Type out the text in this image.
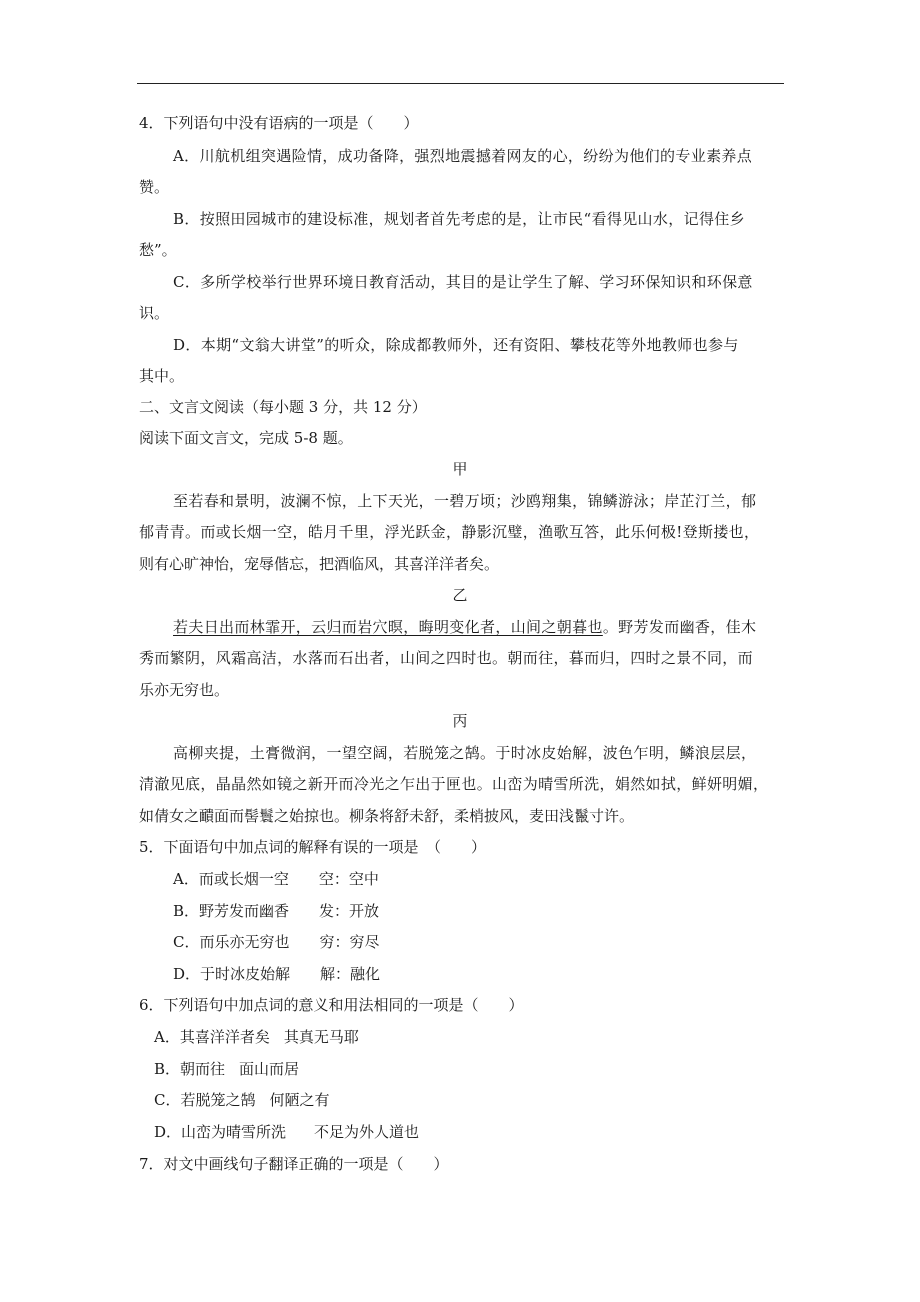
4．下列语句中没有语病的一项是（　　）
A．川航机组突遇险情，成功备降，强烈地震撼着网友的心，纷纷为他们的专业素养点
赞。
B．按照田园城市的建设标准，规划者首先考虑的是，让市民“看得见山水，记得住乡
愁”。
C．多所学校举行世界环境日教育活动，其目的是让学生了解、学习环保知识和环保意
识。
D．本期“文翁大讲堂”的听众，除成都教师外，还有资阳、攀枝花等外地教师也参与
其中。
二、文言文阅读（每小题 3 分，共 12 分）
阅读下面文言文，完成 5-8 题。
甲
至若春和景明，波澜不惊，上下天光，一碧万顷；沙鸥翔集，锦鳞游泳；岸芷汀兰，郁
郁青青。而或长烟一空，皓月千里，浮光跃金，静影沉璧，渔歌互答，此乐何极!登斯搂也，
则有心旷神怡，宠辱偕忘，把酒临风，其喜洋洋者矣。
乙
若夫日出而林霏开，云归而岩穴暝，晦明变化者，山间之朝暮也。野芳发而幽香，佳木
秀而繁阴，风霜高洁，水落而石出者，山间之四时也。朝而往，暮而归，四时之景不同，而
乐亦无穷也。
丙
高柳夹提，土膏微润，一望空阔，若脱笼之鹄。于时冰皮始解，波色乍明，鳞浪层层，
清澈见底，晶晶然如镜之新开而冷光之乍出于匣也。山峦为晴雪所洗，娟然如拭，鲜妍明媚，
如倩女之靧面而髻鬟之始掠也。柳条将舒未舒，柔梢披风，麦田浅鬣寸许。
5．下面语句中加点词的解释有误的一项是　（　　）
A．而或长烟一空 空：空中
B．野芳发而幽香 发：开放
C．而乐亦无穷也 穷：穷尽
D．于时冰皮始解 解：融化
6．下列语句中加点词的意义和用法相同的一项是（　　）
A．其喜洋洋者矣 其真无马耶
B．朝而往 面山而居
C．若脱笼之鹄 何陋之有
D．山峦为晴雪所洗 不足为外人道也
7．对文中画线句子翻译正确的一项是（　　）
